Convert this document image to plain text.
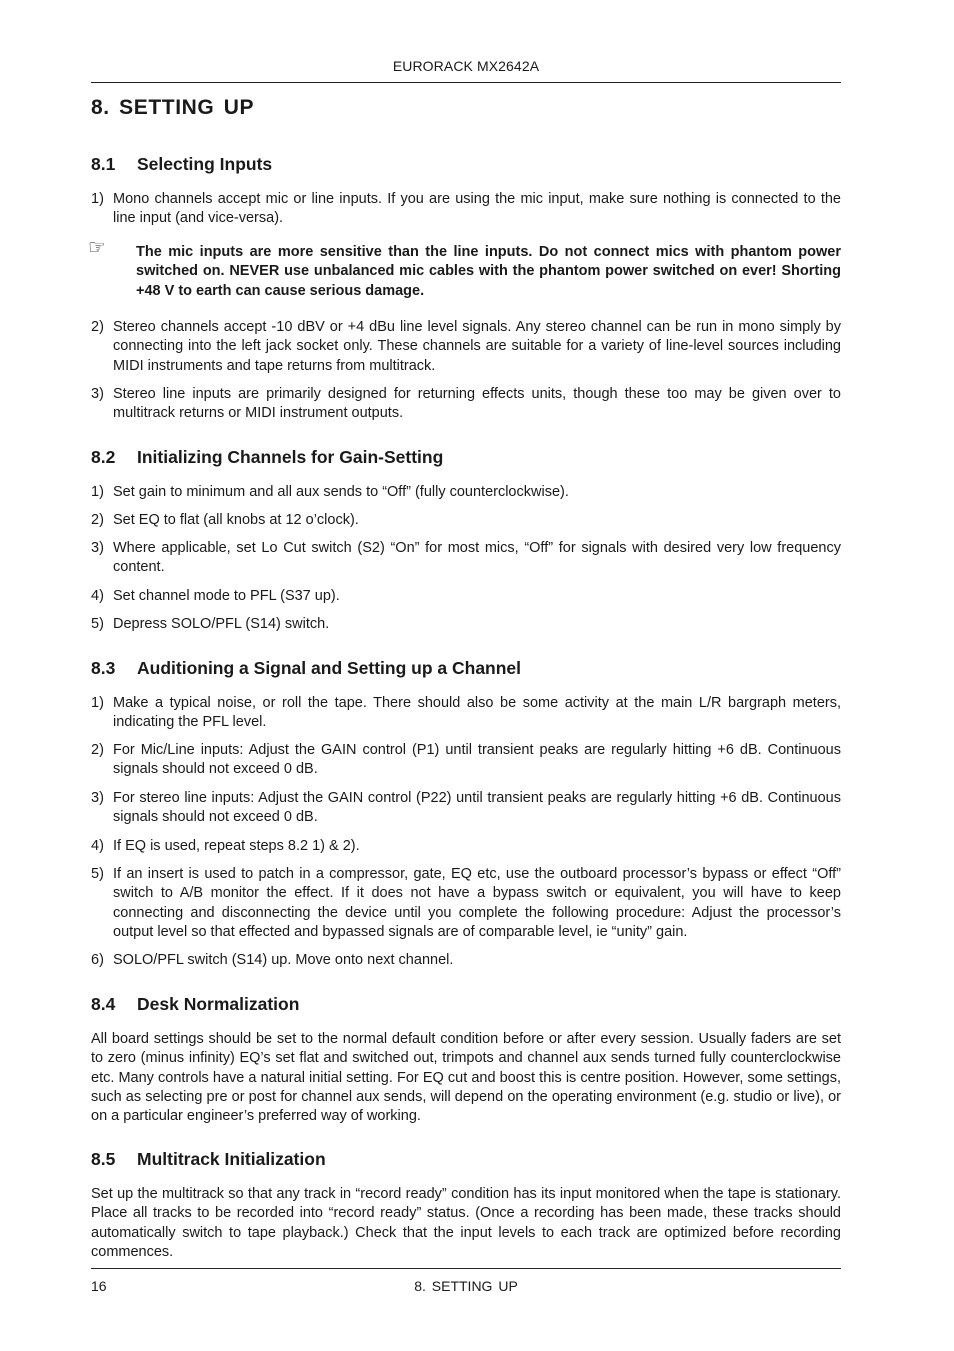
EURORACK MX2642A
8. SETTING UP
8.1 Selecting Inputs
1) Mono channels accept mic or line inputs. If you are using the mic input, make sure nothing is connected to the line input (and vice-versa).
☞ The mic inputs are more sensitive than the line inputs. Do not connect mics with phantom power switched on. NEVER use unbalanced mic cables with the phantom power switched on ever! Shorting +48 V to earth can cause serious damage.
2) Stereo channels accept -10 dBV or +4 dBu line level signals. Any stereo channel can be run in mono simply by connecting into the left jack socket only. These channels are suitable for a variety of line-level sources including MIDI instruments and tape returns from multitrack.
3) Stereo line inputs are primarily designed for returning effects units, though these too may be given over to multitrack returns or MIDI instrument outputs.
8.2 Initializing Channels for Gain-Setting
1) Set gain to minimum and all aux sends to “Off” (fully counterclockwise).
2) Set EQ to flat (all knobs at 12 o’clock).
3) Where applicable, set Lo Cut switch (S2) “On” for most mics, “Off” for signals with desired very low frequency content.
4) Set channel mode to PFL (S37 up).
5) Depress SOLO/PFL (S14) switch.
8.3 Auditioning a Signal and Setting up a Channel
1) Make a typical noise, or roll the tape. There should also be some activity at the main L/R bargraph meters, indicating the PFL level.
2) For Mic/Line inputs: Adjust the GAIN control (P1) until transient peaks are regularly hitting +6 dB. Continuous signals should not exceed 0 dB.
3) For stereo line inputs: Adjust the GAIN control (P22) until transient peaks are regularly hitting +6 dB. Continuous signals should not exceed 0 dB.
4) If EQ is used, repeat steps 8.2 1) & 2).
5) If an insert is used to patch in a compressor, gate, EQ etc, use the outboard processor’s bypass or effect “Off” switch to A/B monitor the effect. If it does not have a bypass switch or equivalent, you will have to keep connecting and disconnecting the device until you complete the following procedure: Adjust the processor’s output level so that effected and bypassed signals are of comparable level, ie “unity” gain.
6) SOLO/PFL switch (S14) up. Move onto next channel.
8.4 Desk Normalization

All board settings should be set to the normal default condition before or after every session. Usually faders are set to zero (minus infinity) EQ’s set flat and switched out, trimpots and channel aux sends turned fully counterclockwise etc. Many controls have a natural initial setting. For EQ cut and boost this is centre position. However, some settings, such as selecting pre or post for channel aux sends, will depend on the operating environment (e.g. studio or live), or on a particular engineer’s preferred way of working.

8.5 Multitrack Initialization

Set up the multitrack so that any track in “record ready” condition has its input monitored when the tape is stationary. Place all tracks to be recorded into “record ready” status. (Once a recording has been made, these tracks should automatically switch to tape playback.) Check that the input levels to each track are optimized before recording commences.

16	8. SETTING UP
